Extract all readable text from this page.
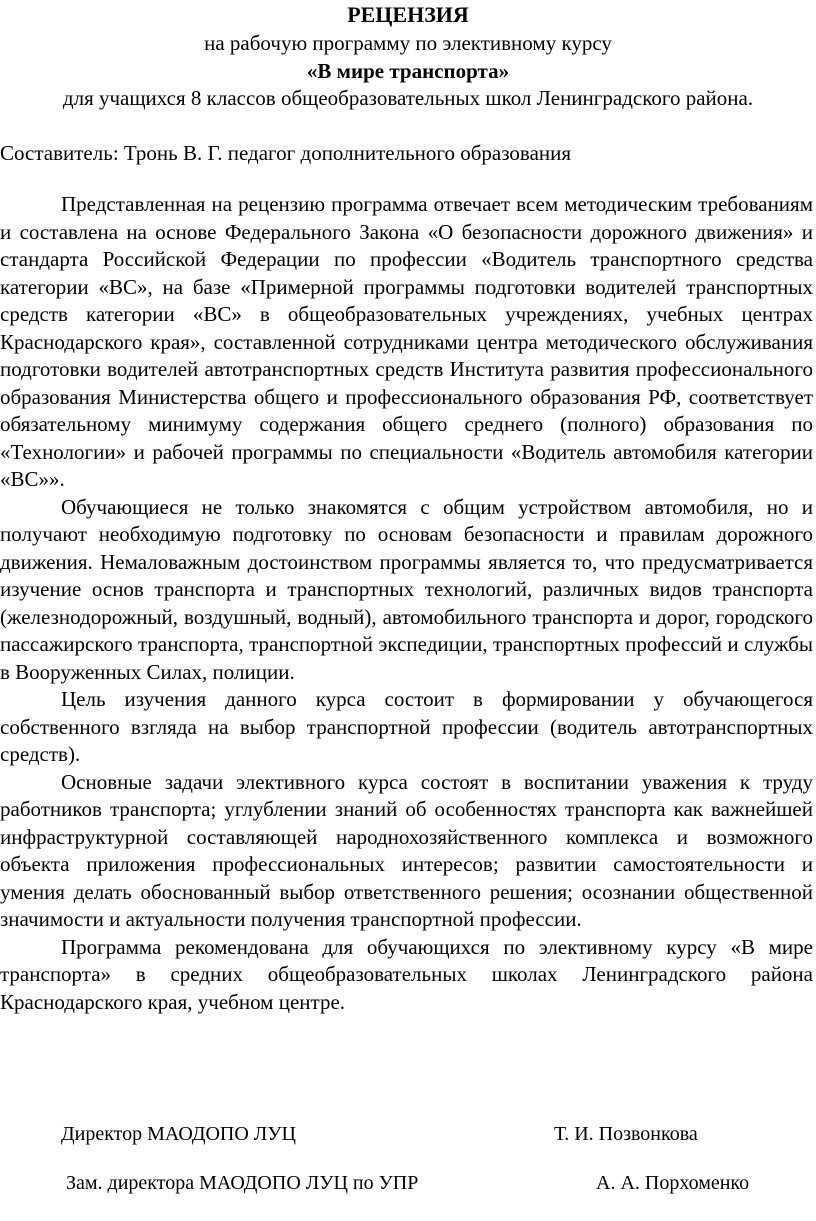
РЕЦЕНЗИЯ
на рабочую программу по элективному курсу
«В мире транспорта»
для учащихся 8 классов общеобразовательных школ Ленинградского района.
Составитель: Тронь В. Г. педагог дополнительного образования

Представленная на рецензию программа отвечает всем методическим требованиям и составлена на основе Федерального Закона «О безопасности дорожного движения» и стандарта Российской Федерации по профессии «Водитель транспортного средства категории «ВС», на базе «Примерной программы подготовки водителей транспортных средств категории «ВС» в общеобразовательных учреждениях, учебных центрах Краснодарского края», составленной сотрудниками центра методического обслуживания подготовки водителей автотранспортных средств Института развития профессионального образования Министерства общего и профессионального образования РФ, соответствует обязательному минимуму содержания общего среднего (полного) образования по «Технологии» и рабочей программы по специальности «Водитель автомобиля категории «ВС»».

Обучающиеся не только знакомятся с общим устройством автомобиля, но и получают необходимую подготовку по основам безопасности и правилам дорожного движения. Немаловажным достоинством программы является то, что предусматривается изучение основ транспорта и транспортных технологий, различных видов транспорта (железнодорожный, воздушный, водный), автомобильного транспорта и дорог, городского пассажирского транспорта, транспортной экспедиции, транспортных профессий и службы в Вооруженных Силах, полиции.

Цель изучения данного курса состоит в формировании у обучающегося собственного взгляда на выбор транспортной профессии (водитель автотранспортных средств).

Основные задачи элективного курса состоят в воспитании уважения к труду работников транспорта; углублении знаний об особенностях транспорта как важнейшей инфраструктурной составляющей народнохозяйственного комплекса и возможного объекта приложения профессиональных интересов; развитии самостоятельности и умения делать обоснованный выбор ответственного решения; осознании общественной значимости и актуальности получения транспортной профессии.

Программа рекомендована для обучающихся по элективному курсу «В мире транспорта» в средних общеобразовательных школах Ленинградского района Краснодарского края, учебном центре.

Директор МАОДОПО ЛУЦ	Т. И. Позвонкова
Зам. директора МАОДОПО ЛУЦ по УПР	А. А. Порхоменко
